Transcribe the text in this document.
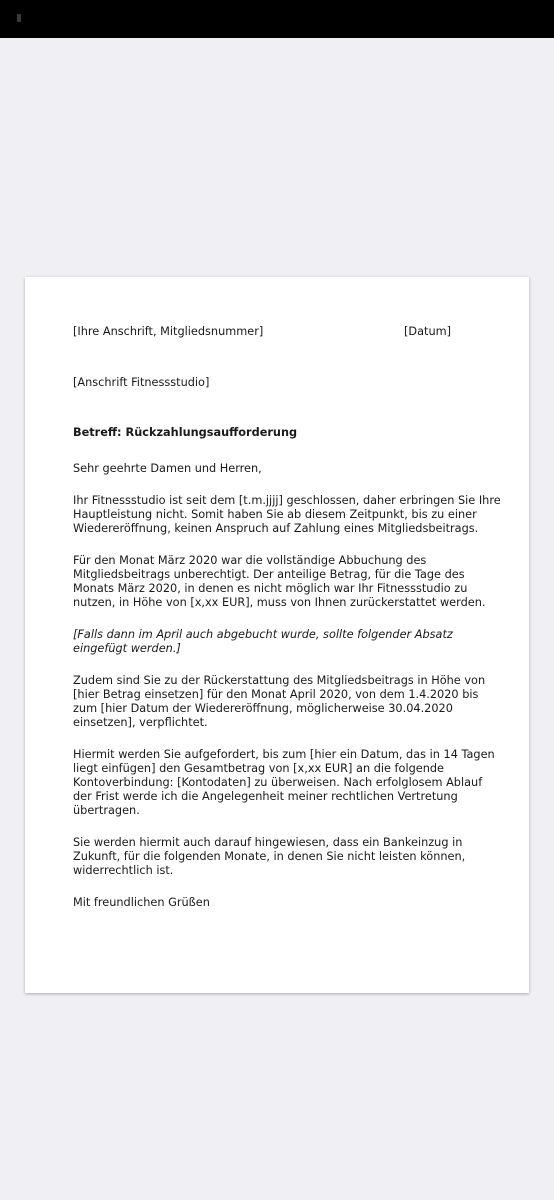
[Ihre Anschrift, Mitgliedsnummer]	[Datum]

[Anschrift Fitnessstudio]

Betreff: Rückzahlungsaufforderung

Sehr geehrte Damen und Herren,

Ihr Fitnessstudio ist seit dem [t.m.jjjj] geschlossen, daher erbringen Sie Ihre Hauptleistung nicht. Somit haben Sie ab diesem Zeitpunkt, bis zu einer Wiedereröffnung, keinen Anspruch auf Zahlung eines Mitgliedsbeitrags.

Für den Monat März 2020 war die vollständige Abbuchung des Mitgliedsbeitrags unberechtigt. Der anteilige Betrag, für die Tage des Monats März 2020, in denen es nicht möglich war Ihr Fitnessstudio zu nutzen, in Höhe von [x,xx EUR], muss von Ihnen zurückerstattet werden.

[Falls dann im April auch abgebucht wurde, sollte folgender Absatz eingefügt werden.]

Zudem sind Sie zu der Rückerstattung des Mitgliedsbeitrags in Höhe von [hier Betrag einsetzen] für den Monat April 2020, von dem 1.4.2020 bis zum [hier Datum der Wiedereröffnung, möglicherweise 30.04.2020 einsetzen], verpflichtet.

Hiermit werden Sie aufgefordert, bis zum [hier ein Datum, das in 14 Tagen liegt einfügen] den Gesamtbetrag von [x,xx EUR] an die folgende Kontoverbindung: [Kontodaten] zu überweisen. Nach erfolglosem Ablauf der Frist werde ich die Angelegenheit meiner rechtlichen Vertretung übertragen.

Sie werden hiermit auch darauf hingewiesen, dass ein Bankeinzug in Zukunft, für die folgenden Monate, in denen Sie nicht leisten können, widerrechtlich ist.

Mit freundlichen Grüßen
